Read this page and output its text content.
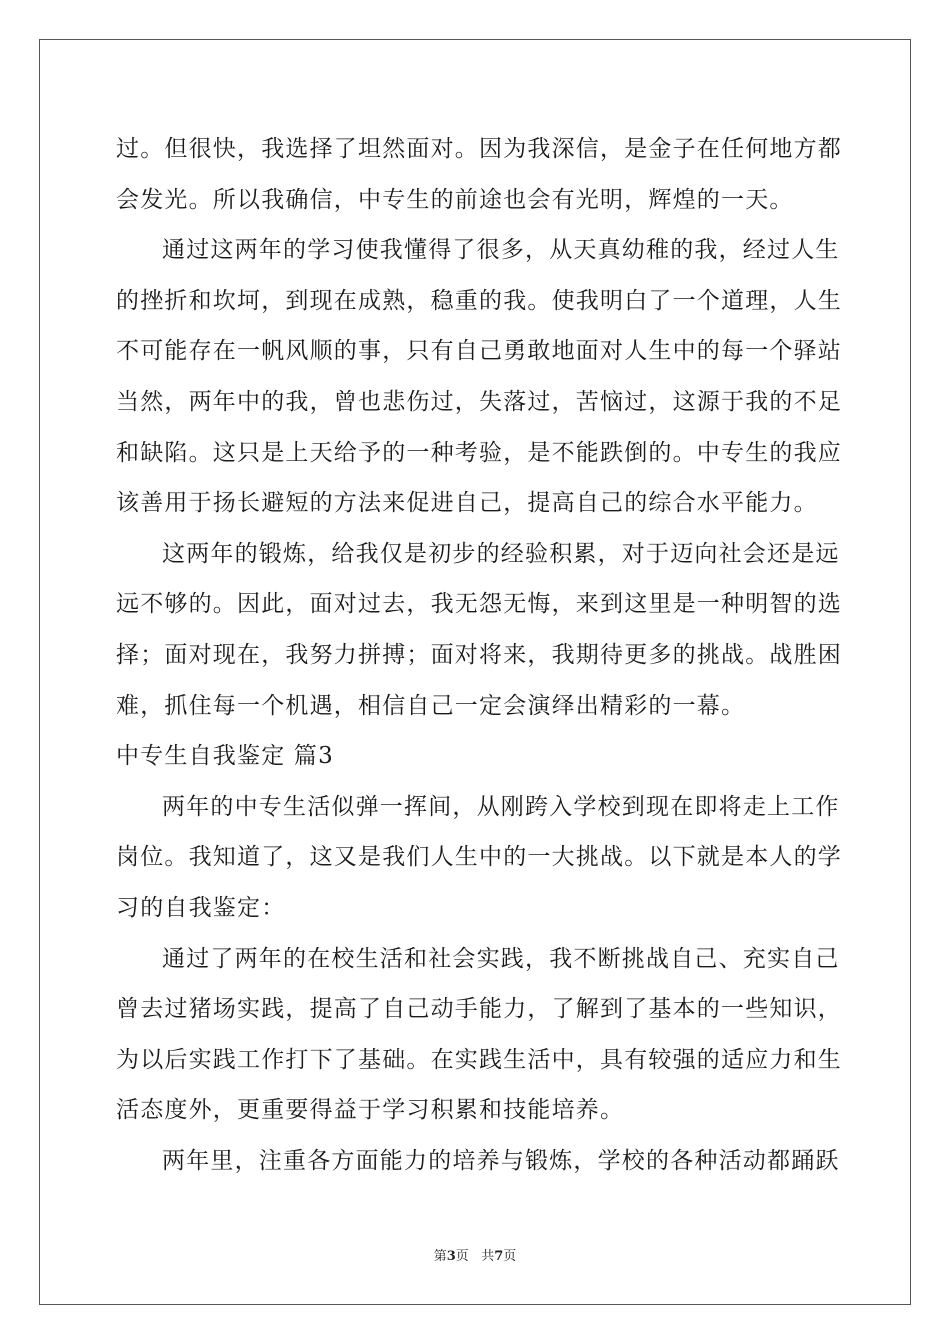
过。但很快，我选择了坦然面对。因为我深信，是金子在任何地方都
会发光。所以我确信，中专生的前途也会有光明，辉煌的一天。
通过这两年的学习使我懂得了很多，从天真幼稚的我，经过人生
的挫折和坎坷，到现在成熟，稳重的我。使我明白了一个道理，人生
不可能存在一帆风顺的事，只有自己勇敢地面对人生中的每一个驿站
当然，两年中的我，曾也悲伤过，失落过，苦恼过，这源于我的不足
和缺陷。这只是上天给予的一种考验，是不能跌倒的。中专生的我应
该善用于扬长避短的方法来促进自己，提高自己的综合水平能力。
这两年的锻炼，给我仅是初步的经验积累，对于迈向社会还是远
远不够的。因此，面对过去，我无怨无悔，来到这里是一种明智的选
择；面对现在，我努力拼搏；面对将来，我期待更多的挑战。战胜困
难，抓住每一个机遇，相信自己一定会演绎出精彩的一幕。
中专生自我鉴定 篇3
两年的中专生活似弹一挥间，从刚跨入学校到现在即将走上工作
岗位。我知道了，这又是我们人生中的一大挑战。以下就是本人的学
习的自我鉴定：
通过了两年的在校生活和社会实践，我不断挑战自己、充实自己
曾去过猪场实践，提高了自己动手能力，了解到了基本的一些知识，
为以后实践工作打下了基础。在实践生活中，具有较强的适应力和生
活态度外，更重要得益于学习积累和技能培养。
两年里，注重各方面能力的培养与锻炼，学校的各种活动都踊跃
第3页 共7页
